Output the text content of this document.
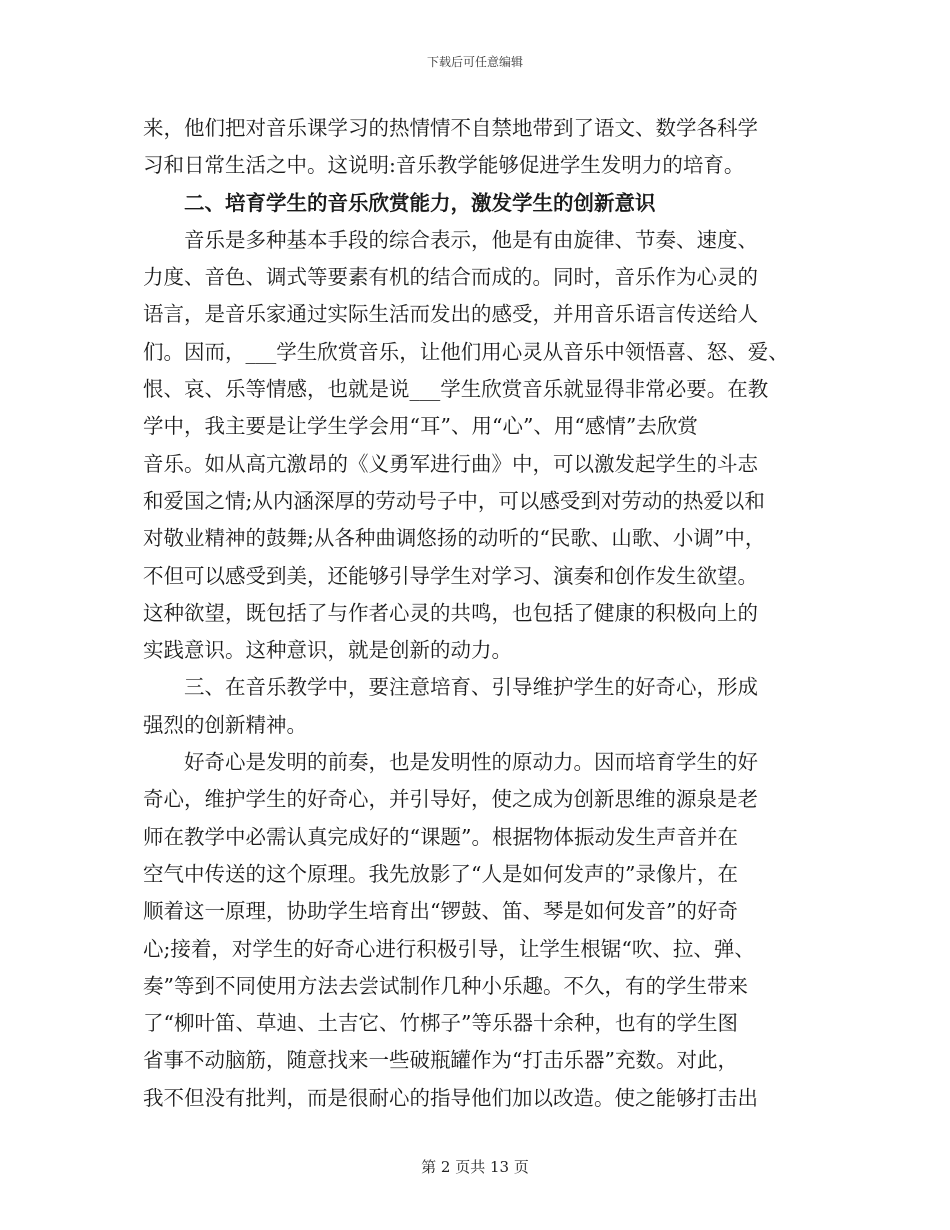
下载后可任意编辑
来，他们把对音乐课学习的热情情不自禁地带到了语文、数学各科学
习和日常生活之中。这说明:音乐教学能够促进学生发明力的培育。
二、培育学生的音乐欣赏能力，激发学生的创新意识
音乐是多种基本手段的综合表示，他是有由旋律、节奏、速度、
力度、音色、调式等要素有机的结合而成的。同时，音乐作为心灵的
语言，是音乐家通过实际生活而发出的感受，并用音乐语言传送给人
们。因而，___学生欣赏音乐，让他们用心灵从音乐中领悟喜、怒、爱、
恨、哀、乐等情感，也就是说___学生欣赏音乐就显得非常必要。在教
学中，我主要是让学生学会用“耳”、用“心”、用“感情”去欣赏
音乐。如从高亢激昂的《义勇军进行曲》中，可以激发起学生的斗志
和爱国之情;从内涵深厚的劳动号子中，可以感受到对劳动的热爱以和
对敬业精神的鼓舞;从各种曲调悠扬的动听的“民歌、山歌、小调”中，
不但可以感受到美，还能够引导学生对学习、演奏和创作发生欲望。
这种欲望，既包括了与作者心灵的共鸣，也包括了健康的积极向上的
实践意识。这种意识，就是创新的动力。
三、在音乐教学中，要注意培育、引导维护学生的好奇心，形成
强烈的创新精神。
好奇心是发明的前奏，也是发明性的原动力。因而培育学生的好
奇心，维护学生的好奇心，并引导好，使之成为创新思维的源泉是老
师在教学中必需认真完成好的“课题”。根据物体振动发生声音并在
空气中传送的这个原理。我先放影了“人是如何发声的”录像片，在
顺着这一原理，协助学生培育出“锣鼓、笛、琴是如何发音”的好奇
心;接着，对学生的好奇心进行积极引导，让学生根锯“吹、拉、弹、
奏”等到不同使用方法去尝试制作几种小乐趣。不久，有的学生带来
了“柳叶笛、草迪、土吉它、竹梆子”等乐器十余种，也有的学生图
省事不动脑筋，随意找来一些破瓶罐作为“打击乐器”充数。对此，
我不但没有批判，而是很耐心的指导他们加以改造。使之能够打击出
第 2 页共 13 页
